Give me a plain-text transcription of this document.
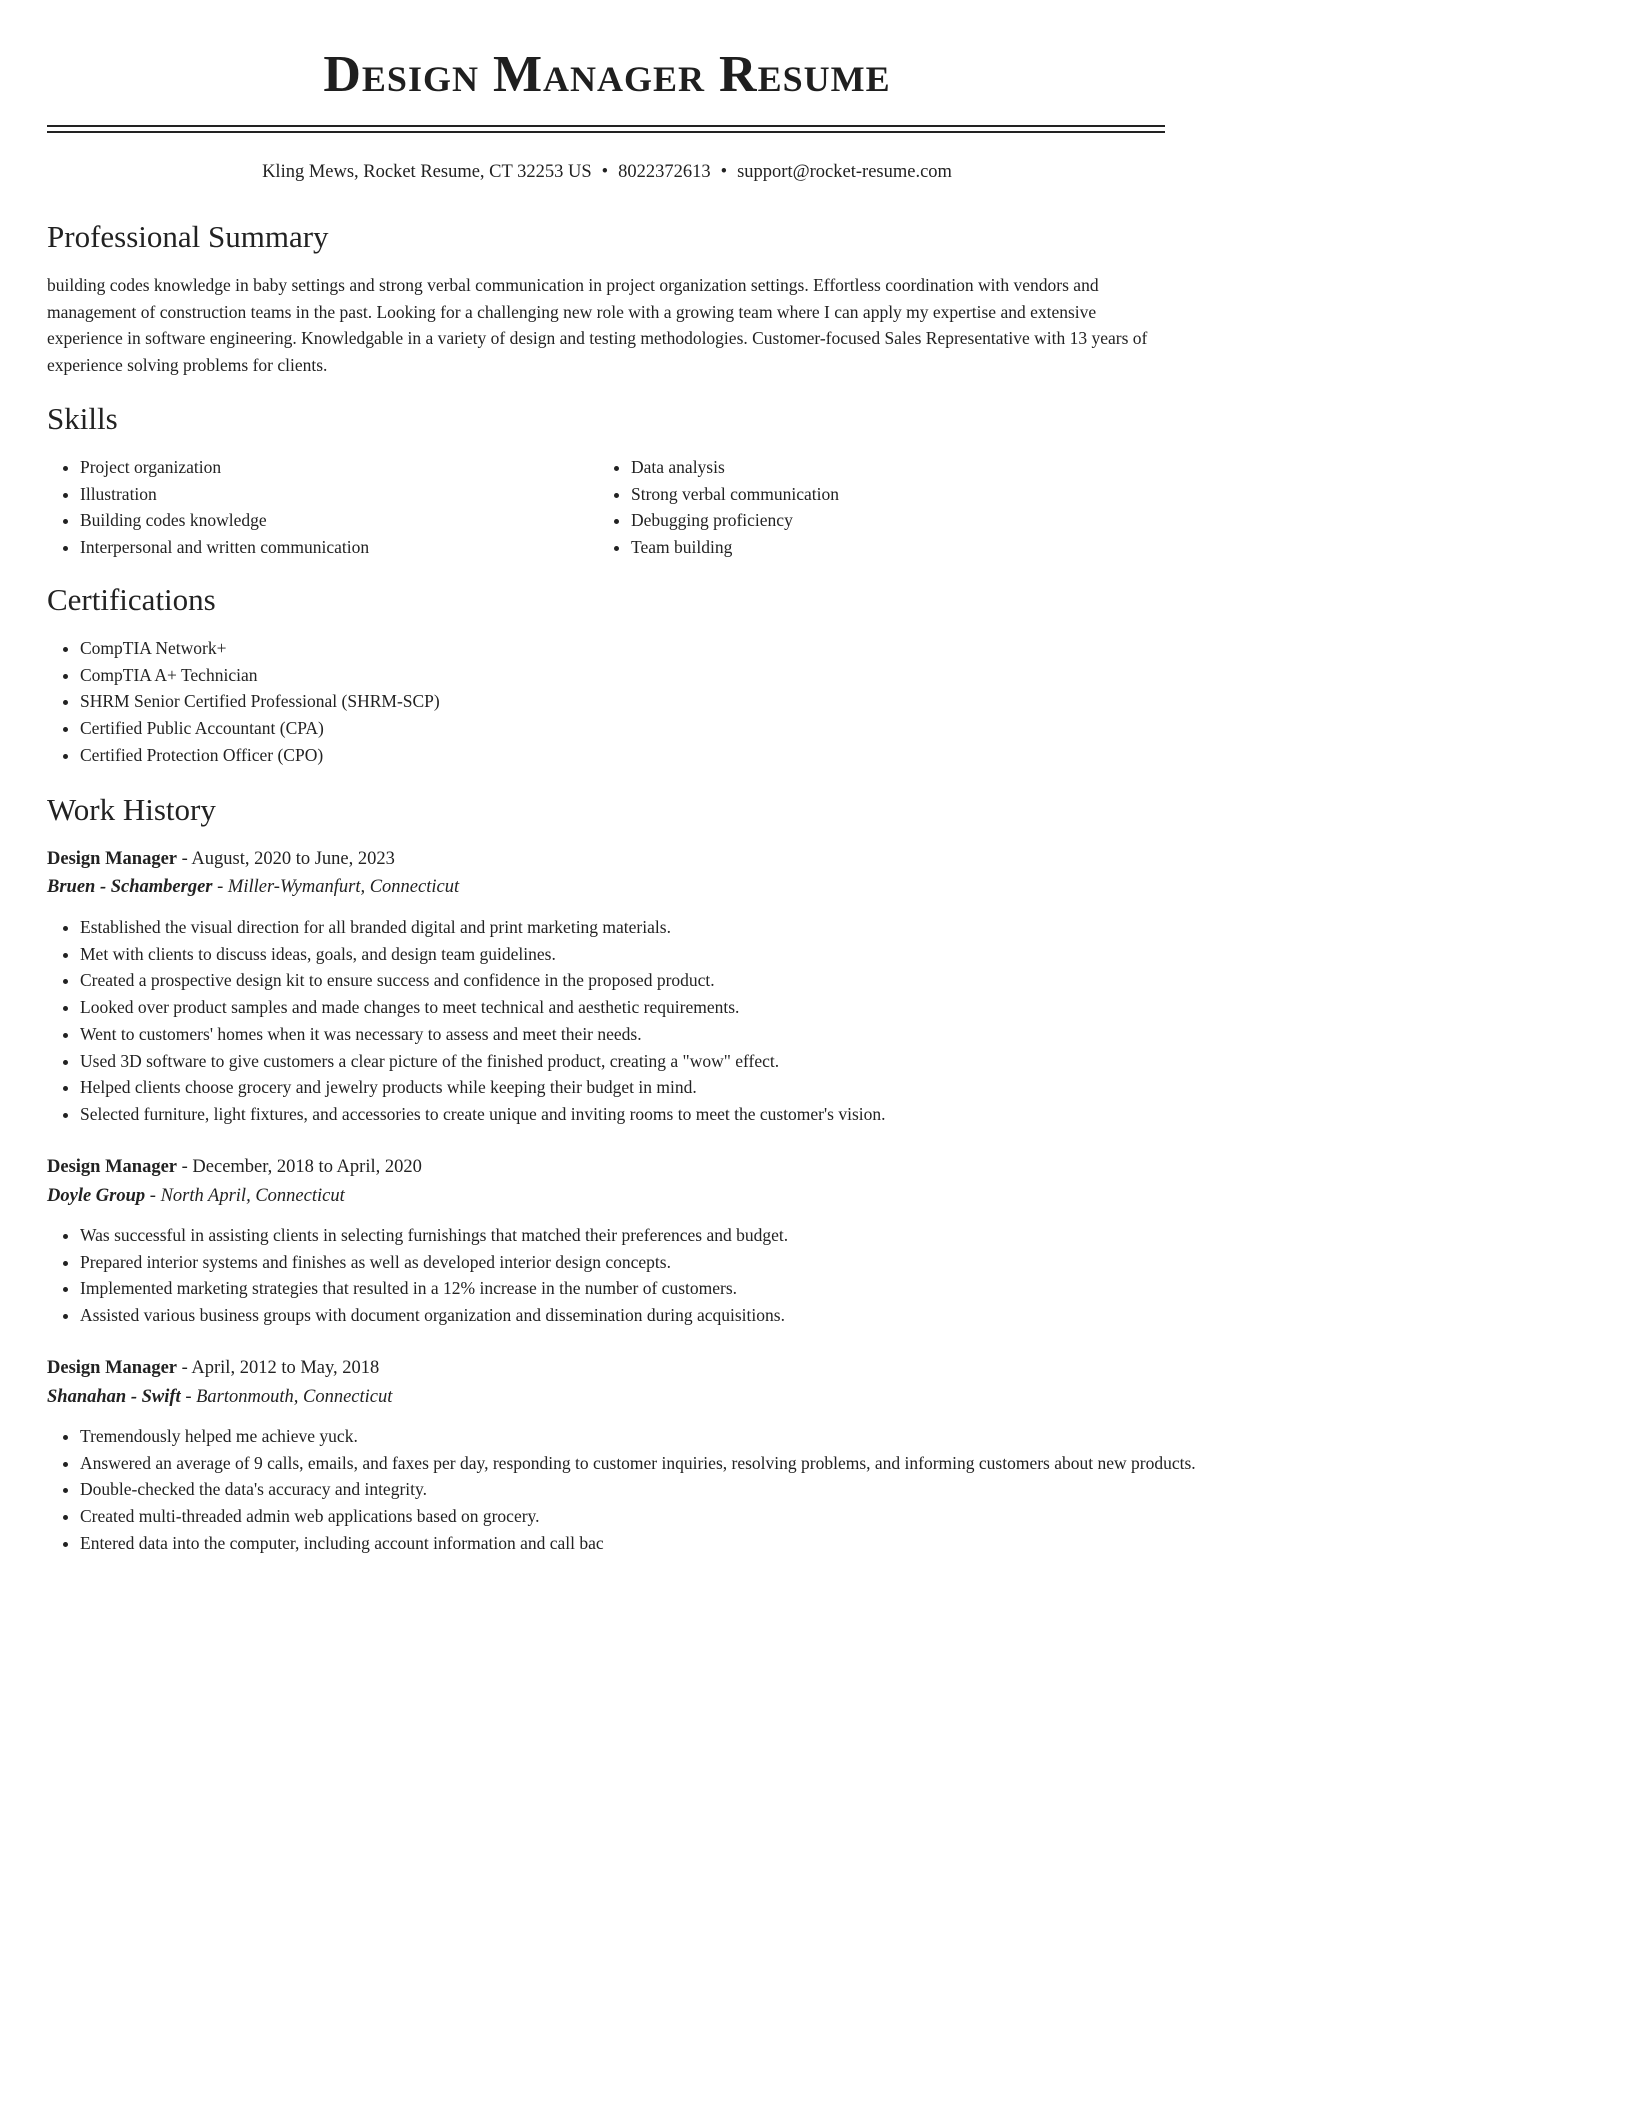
Design Manager Resume
Kling Mews, Rocket Resume, CT 32253 US • 8022372613 • support@rocket-resume.com
Professional Summary

building codes knowledge in baby settings and strong verbal communication in project organization settings. Effortless coordination with vendors and management of construction teams in the past. Looking for a challenging new role with a growing team where I can apply my expertise and extensive experience in software engineering. Knowledgable in a variety of design and testing methodologies. Customer-focused Sales Representative with 13 years of experience solving problems for clients.

Skills
• Project organization
• Illustration
• Building codes knowledge
• Interpersonal and written communication
• Data analysis
• Strong verbal communication
• Debugging proficiency
• Team building
Certifications
• CompTIA Network+
• CompTIA A+ Technician
• SHRM Senior Certified Professional (SHRM-SCP)
• Certified Public Accountant (CPA)
• Certified Protection Officer (CPO)
Work History
Design Manager - August, 2020 to June, 2023
Bruen - Schamberger - Miller-Wymanfurt, Connecticut
• Established the visual direction for all branded digital and print marketing materials.
• Met with clients to discuss ideas, goals, and design team guidelines.
• Created a prospective design kit to ensure success and confidence in the proposed product.
• Looked over product samples and made changes to meet technical and aesthetic requirements.
• Went to customers' homes when it was necessary to assess and meet their needs.
• Used 3D software to give customers a clear picture of the finished product, creating a "wow" effect.
• Helped clients choose grocery and jewelry products while keeping their budget in mind.
• Selected furniture, light fixtures, and accessories to create unique and inviting rooms to meet the customer's vision.
Design Manager - December, 2018 to April, 2020
Doyle Group - North April, Connecticut
• Was successful in assisting clients in selecting furnishings that matched their preferences and budget.
• Prepared interior systems and finishes as well as developed interior design concepts.
• Implemented marketing strategies that resulted in a 12% increase in the number of customers.
• Assisted various business groups with document organization and dissemination during acquisitions.
Design Manager - April, 2012 to May, 2018
Shanahan - Swift - Bartonmouth, Connecticut
• Tremendously helped me achieve yuck.
• Answered an average of 9 calls, emails, and faxes per day, responding to customer inquiries, resolving problems, and informing customers about new products.
• Double-checked the data's accuracy and integrity.
• Created multi-threaded admin web applications based on grocery.
• Entered data into the computer, including account information and call bac
